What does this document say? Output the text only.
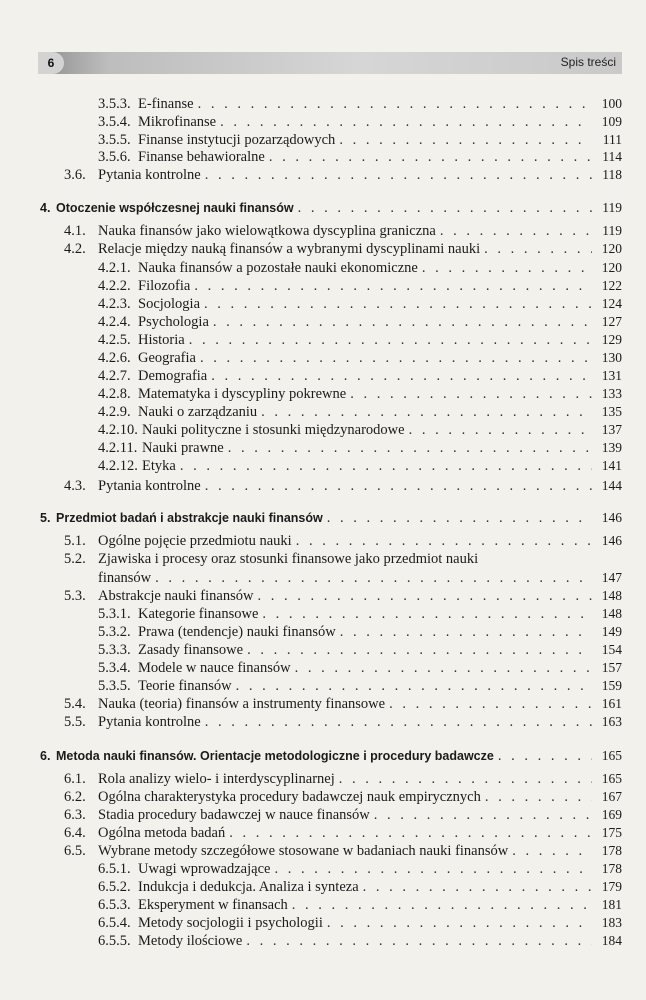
6	Spis treści
3.5.3. E-finanse . . .	100
3.5.4. Mikrofinanse . . .	109
3.5.5. Finanse instytucji pozarządowych . . .	111
3.5.6. Finanse behawioralne . . .	114
3.6. Pytania kontrolne . . .	118
4. Otoczenie współczesnej nauki finansów . . .	119
4.1. Nauka finansów jako wielowątkowa dyscyplina graniczna . . .	119
4.2. Relacje między nauką finansów a wybranymi dyscyplinami nauki . . .	120
4.2.1. Nauka finansów a pozostałe nauki ekonomiczne . . .	120
4.2.2. Filozofia . . .	122
4.2.3. Socjologia . . .	124
4.2.4. Psychologia . . .	127
4.2.5. Historia . . .	129
4.2.6. Geografia . . .	130
4.2.7. Demografia . . .	131
4.2.8. Matematyka i dyscypliny pokrewne . . .	133
4.2.9. Nauki o zarządzaniu . . .	135
4.2.10. Nauki polityczne i stosunki międzynarodowe . . .	137
4.2.11. Nauki prawne . . .	139
4.2.12. Etyka . . .	141
4.3. Pytania kontrolne . . .	144
5. Przedmiot badań i abstrakcje nauki finansów . . .	146
5.1. Ogólne pojęcie przedmiotu nauki . . .	146
5.2. Zjawiska i procesy oraz stosunki finansowe jako przedmiot nauki
finansów . . .	147
5.3. Abstrakcje nauki finansów . . .	148
5.3.1. Kategorie finansowe . . .	148
5.3.2. Prawa (tendencje) nauki finansów . . .	149
5.3.3. Zasady finansowe . . .	154
5.3.4. Modele w nauce finansów . . .	157
5.3.5. Teorie finansów . . .	159
5.4. Nauka (teoria) finansów a instrumenty finansowe . . .	161
5.5. Pytania kontrolne . . .	163
6. Metoda nauki finansów. Orientacje metodologiczne i procedury badawcze . . .	165
6.1. Rola analizy wielo- i interdyscyplinarnej . . .	165
6.2. Ogólna charakterystyka procedury badawczej nauk empirycznych . . .	167
6.3. Stadia procedury badawczej w nauce finansów . . .	169
6.4. Ogólna metoda badań . . .	175
6.5. Wybrane metody szczegółowe stosowane w badaniach nauki finansów . . .	178
6.5.1. Uwagi wprowadzające . . .	178
6.5.2. Indukcja i dedukcja. Analiza i synteza . . .	179
6.5.3. Eksperyment w finansach . . .	181
6.5.4. Metody socjologii i psychologii . . .	183
6.5.5. Metody ilościowe . . .	184
